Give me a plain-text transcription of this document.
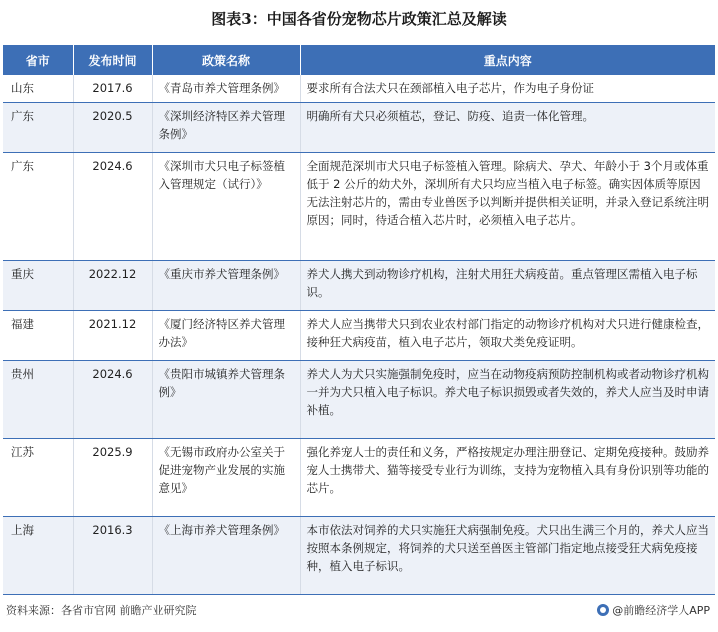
图表3：中国各省份宠物芯片政策汇总及解读
省市	发布时间	政策名称	重点内容
山东	2017.6	《青岛市养犬管理条例》	要求所有合法犬只在颈部植入电子芯片，作为电子身份证
广东	2020.5	《深圳经济特区养犬管理条例》	明确所有犬只必须植芯，登记、防疫、追责一体化管理。
广东	2024.6	《深圳市犬只电子标签植入管理规定（试行）》	全面规范深圳市犬只电子标签植入管理。除病犬、孕犬、年龄小于 3个月或体重低于 2 公斤的幼犬外，深圳所有犬只均应当植入电子标签。确实因体质等原因无法注射芯片的，需由专业兽医予以判断并提供相关证明，并录入登记系统注明原因；同时，待适合植入芯片时，必须植入电子芯片。
重庆	2022.12	《重庆市养犬管理条例》	养犬人携犬到动物诊疗机构，注射犬用狂犬病疫苗。重点管理区需植入电子标识。
福建	2021.12	《厦门经济特区养犬管理办法》	养犬人应当携带犬只到农业农村部门指定的动物诊疗机构对犬只进行健康检查，接种狂犬病疫苗，植入电子芯片，领取犬类免疫证明。
贵州	2024.6	《贵阳市城镇养犬管理条例》	养犬人为犬只实施强制免疫时，应当在动物疫病预防控制机构或者动物诊疗机构一并为犬只植入电子标识。养犬电子标识损毁或者失效的，养犬人应当及时申请补植。
江苏	2025.9	《无锡市政府办公室关于促进宠物产业发展的实施意见》	强化养宠人士的责任和义务，严格按规定办理注册登记、定期免疫接种。鼓励养宠人士携带犬、猫等接受专业行为训练，支持为宠物植入具有身份识别等功能的芯片。
上海	2016.3	《上海市养犬管理条例》	本市依法对饲养的犬只实施狂犬病强制免疫。犬只出生满三个月的，养犬人应当按照本条例规定，将饲养的犬只送至兽医主管部门指定地点接受狂犬病免疫接种，植入电子标识。
资料来源：各省市官网 前瞻产业研究院	@前瞻经济学人APP
